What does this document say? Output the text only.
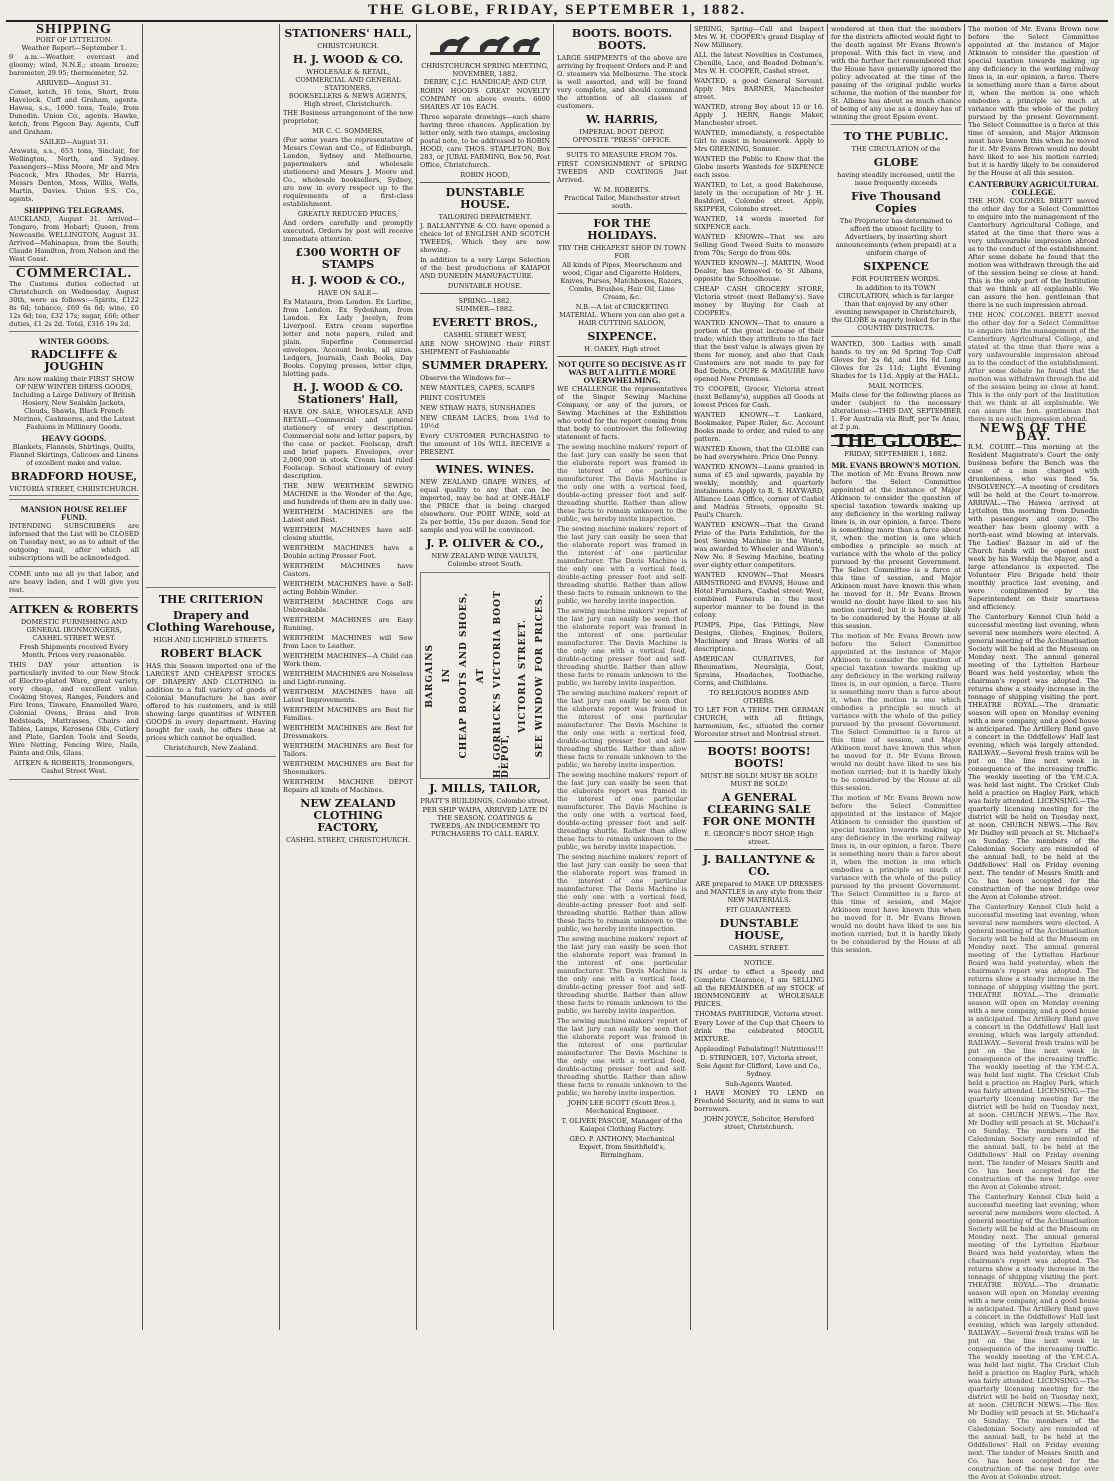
THE GLOBE, FRIDAY, SEPTEMBER 1, 1882.
SHIPPING
PORT OF LYTTELTON.
Weather Report—September 1.

9 a.m.—Weather, overcast and gloomy; wind, N.N.E.; steam breeze; barometer, 29.95; thermometer, 52.

ARRIVED—August 31.

Comet, ketch, 16 tons, Short, from Havelock. Cuff and Graham, agents. Hawea, s.s., 1000 tons, Teale, from Dunedin. Union Co., agents. Hawke, ketch, from Pigeon Bay. Agents, Cuff and Graham.

SAILED—August 31.

Arawata, s.s., 653 tons, Sinclair, for Wellington, North, and Sydney. Passengers—Miss Moore, Mr and Mrs Peacock, Mrs Rhodes, Mr Harris, Messrs Denton, Moss, Willis, Wells, Martin, Davies. Union S.S. Co., agents.

SHIPPING TELEGRAMS.

AUCKLAND, August 31. Arrived—Tongaro, from Hobart; Queen, from Newcastle. WELLINGTON, August 31. Arrived—Mahinapua, from the South; Claude Hamilton, from Nelson and the West Coast.

COMMERCIAL.

The Customs duties collected at Christchurch on Wednesday, August 30th, were as follows:—Spirits, £122 8s 6d; tobacco, £69 6s 6d; wine, £6 12s 6d; tea, £32 17s; sugar, £66; other duties, £1 2s 2d. Total, £316 19s 2d.

WINTER GOODS.
RADCLIFFE & JOUGHIN

Are now making their FIRST SHOW OF NEW WINTER DRESS GOODS, Including a Large Delivery of British Hosiery, New Sealskin Jackets, Clouds, Shawls, Black French Merinos, Cashmeres, and the Latest Fashions in Millinery Goods.

HEAVY GOODS.

Blankets, Flannels, Shirtings, Quilts, Flannel Skirtings, Calicoes and Linens of excellent make and value.

BRADFORD HOUSE,
VICTORIA STREET, CHRISTCHURCH.
MANSION HOUSE RELIEF FUND.

INTENDING SUBSCRIBERS are informed that the List will be CLOSED on Tuesday next, so as to admit of the outgoing mail, after which all subscriptions will be acknowledged.

COME unto me all ye that labor, and are heavy laden, and I will give you rest.

AITKEN & ROBERTS
DOMESTIC FURNISHING AND GENERAL IRONMONGERS,
CASHEL STREET WEST.

Fresh Shipments received Every Month. Prices very reasonable.

THIS DAY your attention is particularly invited to our New Stock of Electro-plated Ware, great variety, very cheap, and excellent value. Cooking Stoves, Ranges, Fenders and Fire Irons, Tinware, Enamelled Ware, Colonial Ovens, Brass and Iron Bedsteads, Mattrasses, Chairs and Tables, Lamps, Kerosene Oils, Cutlery and Plate, Garden Tools and Seeds, Wire Netting, Fencing Wire, Nails, Paints and Oils, Glass.

AITKEN & ROBERTS, Ironmongers, Cashel Street West.

THE CRITERION
Drapery and Clothing Warehouse,
HIGH AND LICHFIELD STREETS.
ROBERT BLACK

HAS this Season imported one of the LARGEST AND CHEAPEST STOCKS OF DRAPERY AND CLOTHING in addition to a full variety of goods of Colonial Manufacture he has ever offered to his customers, and is still showing large quantities of WINTER GOODS in every department. Having bought for cash, he offers these at prices which cannot be equalled.

Christchurch, New Zealand.

STATIONERS' HALL,
CHRISTCHURCH.
H. J. WOOD & CO.
WHOLESALE & RETAIL, COMMERCIAL AND GENERAL STATIONERS,
BOOKSELLERS & NEWS AGENTS,
High street, Christchurch.

THE Business arrangement of the new proprietor,

MR C. C. SOMMERS,

(For some years the representative of Messrs Cowan and Co., of Edinburgh, London, Sydney and Melbourne, papermakers and wholesale stationers) and Messrs J. Moore and Co., wholesale booksellers, Sydney, are now in every respect up to the requirements of a first-class establishment.

GREATLY REDUCED PRICES,

And orders carefully and promptly executed. Orders by post will receive immediate attention.

£300 WORTH OF STAMPS
H. J. WOOD & CO.,
HAVE ON SALE—

Ex Mataura, from London. Ex Lurline, from London. Ex Sydenham, from London. Ex Lady Jocelyn, from Liverpool. Extra cream superfine letter and note papers, ruled and plain. Superfine Commercial envelopes. Account books, all sizes. Ledgers, Journals, Cash Books, Day Books. Copying presses, letter clips, blotting pads.

H. J. WOOD & CO. Stationers' Hall,

HAVE ON SALE, WHOLESALE AND RETAIL—Commercial and general stationery of every description. Commercial note and letter papers, by the case or packet. Foolscap, draft and brief papers. Envelopes, over 2,000,000 in stock. Cream laid ruled Foolscap. School stationery of every description.

THE NEW WERTHEIM SEWING MACHINE is the Wonder of the Age, and hundreds of them are in daily use.

WERTHEIM MACHINES are the Latest and Best.

WERTHEIM MACHINES have self-closing shuttle.

WERTHEIM MACHINES have a Double acting Presser Foot.

WERTHEIM MACHINES have Castors.

WERTHEIM MACHINES have a Self-acting Bobbin Winder.

WERTHEIM MACHINE Cogs are Unbreakable.

WERTHEIM MACHINES are Easy Running.

WERTHEIM MACHINES will Sew from Lace to Leather.

WERTHEIM MACHINES—A Child can Work them.

WERTHEIM MACHINES are Noiseless and Light-running.

WERTHEIM MACHINES have all Latest Improvements.

WERTHEIM MACHINES are Best for Families.

WERTHEIM MACHINES are Best for Dressmakers.

WERTHEIM MACHINES are Best for Tailors.

WERTHEIM MACHINES are Best for Shoemakers.

WERTHEIM MACHINE DEPOT Repairs all kinds of Machines.

NEW ZEALAND CLOTHING FACTORY,
CASHEL STREET, CHRISTCHURCH.
CHRISTCHURCH SPRING MEETING, NOVEMBER, 1882.
DERBY, C.J.C. HANDICAP, AND CUP.

ROBIN HOOD'S GREAT NOVELTY COMPANY on above events. 6000 SHARES AT 10s EACH.

Three separate drawings—each share having three chances. Application by letter only, with two stamps, enclosing postal note, to be addressed to ROBIN HOOD, care THOS. STAPLETON, Box 283, or JUBAL FARMING, Box 56, Post Office, Christchurch.

ROBIN HOOD,
DUNSTABLE HOUSE.
TAILORING DEPARTMENT.

J. BALLANTYNE & CO. have opened a choice lot of ENGLISH AND SCOTCH TWEEDS, Which they are now showing.

In addition to a very Large Selection of the best productions of KAIAPOI AND DUNEDIN MANUFACTURE.

DUNSTABLE HOUSE.
SPRING—1882.
SUMMER—1882.
EVERETT BROS.,
CASHEL STREET WEST,

ARE NOW SHOWING their FIRST SHIPMENT of Fashionable

SUMMER DRAPERY.

Observe the Windows for—

NEW MANTLES, CAPES, SCARFS

PRINT COSTUMES

NEW STRAW HATS, SUNSHADES

NEW CREAM LACES, from 1½d to 10½d

Every CUSTOMER PURCHASING to the amount of 10s WILL RECEIVE a PRESENT.

WINES. WINES.

NEW ZEALAND GRAPE WINES, of equal quality to any that can be imported, may be had at ONE-HALF the PRICE that is being charged elsewhere. Our PORT WINE, sold at 2s per bottle, 15s per dozen. Send for sample and you will be convinced.

J. P. OLIVER & CO.,
NEW ZEALAND WINE VAULTS,
Colombo street South.
BARGAINS IN CHEAP BOOTS AND SHOES, AT H. GORRICK'S VICTORIA BOOT DEPOT,
VICTORIA STREET. SEE WINDOW FOR PRICES.
J. MILLS, TAILOR,
PRATT'S BUILDINGS, Colombo street.

PER SHIP WAIPA, ARRIVED LATE IN THE SEASON. COATINGS & TWEEDS, AN INDUCEMENT TO PURCHASERS TO CALL EARLY.

BOOTS. BOOTS. BOOTS.

LARGE SHIPMENTS of the above are arriving by frequent Orders and P. and O. steamers via Melbourne. The stock is well assorted, and will be found very complete, and should command the attention of all classes of customers.

W. HARRIS,
IMPERIAL BOOT DEPOT.
OPPOSITE "PRESS" OFFICE.
SUITS TO MEASURE FROM 70s.

FIRST CONSIGNMENT of SPRING TWEEDS AND COATINGS Just Arrived.

W. M. ROBERTS.
Practical Tailor, Manchester street south.
FOR THE HOLIDAYS.
TRY THE CHEAPEST SHOP IN TOWN FOR

All kinds of Pipes, Meerschaum and wood, Cigar and Cigarette Holders, Knives, Purses, Matchboxes, Razors, Combs, Brushes, Hair Oil, Lime Cream, &c.

N.B.—A lot of CRICKETING MATERIAL. Where you can also get a HAIR CUTTING SALOON,

SIXPENCE.
H. OAKEY, High street
NOT QUITE SO DECISIVE AS IT WAS BUT A LITTLE MORE OVERWHELMING.

WE CHALLENGE the representatives of the Singer Sewing Machine Company, or any of the jurors, or Sewing Machines at the Exhibition who voted for the report coming from that body to controvert the following statement of facts.

The sewing machine makers' report of the last jury can easily be seen that the elaborate report was framed in the interest of one particular manufacturer. The Davis Machine is the only one with a vertical feed, double-acting presser foot and self-threading shuttle. Rather than allow these facts to remain unknown to the public, we hereby invite inspection.

The sewing machine makers' report of the last jury can easily be seen that the elaborate report was framed in the interest of one particular manufacturer. The Davis Machine is the only one with a vertical feed, double-acting presser foot and self-threading shuttle. Rather than allow these facts to remain unknown to the public, we hereby invite inspection.

The sewing machine makers' report of the last jury can easily be seen that the elaborate report was framed in the interest of one particular manufacturer. The Davis Machine is the only one with a vertical feed, double-acting presser foot and self-threading shuttle. Rather than allow these facts to remain unknown to the public, we hereby invite inspection.

The sewing machine makers' report of the last jury can easily be seen that the elaborate report was framed in the interest of one particular manufacturer. The Davis Machine is the only one with a vertical feed, double-acting presser foot and self-threading shuttle. Rather than allow these facts to remain unknown to the public, we hereby invite inspection.

The sewing machine makers' report of the last jury can easily be seen that the elaborate report was framed in the interest of one particular manufacturer. The Davis Machine is the only one with a vertical feed, double-acting presser foot and self-threading shuttle. Rather than allow these facts to remain unknown to the public, we hereby invite inspection.

The sewing machine makers' report of the last jury can easily be seen that the elaborate report was framed in the interest of one particular manufacturer. The Davis Machine is the only one with a vertical feed, double-acting presser foot and self-threading shuttle. Rather than allow these facts to remain unknown to the public, we hereby invite inspection.

The sewing machine makers' report of the last jury can easily be seen that the elaborate report was framed in the interest of one particular manufacturer. The Davis Machine is the only one with a vertical feed, double-acting presser foot and self-threading shuttle. Rather than allow these facts to remain unknown to the public, we hereby invite inspection.

The sewing machine makers' report of the last jury can easily be seen that the elaborate report was framed in the interest of one particular manufacturer. The Davis Machine is the only one with a vertical feed, double-acting presser foot and self-threading shuttle. Rather than allow these facts to remain unknown to the public, we hereby invite inspection.

JOHN LEE SCOTT (Scott Bros.), Mechanical Engineer.

T. OLIVER PASCOE, Manager of the Kaiapoi Clothing Factory.

GEO. P. ANTHONY, Mechanical Expert, from Smithfield's, Birmingham.

SPRING, Spring—Call and Inspect Mrs W. H. COOPER's grand Display of New Millinery.

ALL the latest Novelties in Costumes, Chenille, Lace, and Beaded Dolman's. Mrs W. H. COOPER, Cashel street.

WANTED, a good General Servant. Apply Mrs BARNES, Manchester street.

WANTED, strong Boy about 15 or 16. Apply J. HERN, Range Maker, Manchester street.

WANTED, immediately, a respectable Girl to assist in housework. Apply to Mrs GREENING, Sumner.

WANTED the Public to Know that the Globe inserts Wanteds for SIXPENCE each issue.

WANTED, to Let, a good Bakehouse, lately in the occupation of Mr J. H. Bashford, Colombo street. Apply, SKIPPER, Colombo street.

WANTED, 14 words inserted for SIXPENCE each.

WANTED KNOWN—That we are Selling Good Tweed Suits to measure from 70s; Serge do from 60s.

WANTED KNOWN—J. MARTIN, Wood Dealer, has Removed to St Albans, opposite the Schoolhouse.

CHEAP CASH GROCERY STORE, Victoria street (next Bellamy's). Save money by Buying for Cash at COOPER's.

WANTED KNOWN—That to ensure a portion of the great increase of their trade, which they attribute to the fact that the best value is always given by them for money, and also that Cash Customers are not made to pay for Bad Debts, COUPE & MAGUIRE have opened New Premises.

TO COOPER, Grocer, Victoria street (next Bellamy's), supplies all Goods at lowest Prices for Cash.

WANTED KNOWN—T. Lankard, Bookmaker, Paper Ruler, &c. Account Books made to order, and ruled to any pattern.

WANTED Known, that the GLOBE can be had everywhere. Price One Penny.

WANTED KNOWN—Loans granted in sums of £5 and upwards, payable by weekly, monthly, and quarterly instalments. Apply to R. S. HAYWARD, Alliance Loan Office, corner of Cashel and Madras Streets, opposite St. Paul's Church.

WANTED KNOWN—That the Grand Prize of the Paris Exhibition, for the best Sewing Machine in the World, was awarded to Wheeler and Wilson's New No. 8 Sewing Machine, beating over eighty other competitors.

WANTED KNOWN—That Messrs ARMSTRONG and EVANS, House and Hotel Furnishers, Cashel street West, combined Funerals in the most superior manner to be found in the colony.

PUMPS, Pipe, Gas Fittings, New Designs, Globes, Engines, Boilers, Machinery and Brass Works of all descriptions.

AMERICAN CURATIVES, for Rheumatism, Neuralgia, Gout, Sprains, Headaches, Toothache, Corns, and Chilblains.

TO RELIGIOUS BODIES AND OTHERS.

TO LET FOR A TERM. THE GERMAN CHURCH, with all fittings, harmonium, &c., situated the corner Worcester street and Montreal street.

BOOTS! BOOTS! BOOTS!
MUST BE SOLD! MUST BE SOLD! MUST BE SOLD!
A GENERAL CLEARING SALE FOR ONE MONTH
E. GEORGE'S BOOT SHOP, High street.
J. BALLANTYNE & CO.

ARE prepared to MAKE UP DRESSES and MANTLES in any style from their NEW MATERIALS.

FIT GUARANTEED.
DUNSTABLE HOUSE,
CASHEL STREET.
NOTICE.

IN order to effect a Speedy and Complete Clearance, I am SELLING all the REMAINDER of my STOCK of IRONMONGERY at WHOLESALE PRICES.

THOMAS PARTRIDGE, Victoria street.

Every Lover of the Cup that Cheers to drink the celebrated MOGUL MIXTURE.

Applauding! Fabulating!! Nutritious!!!

D. STRINGER, 107, Victoria street, Sole Agent for Clifford, Love and Co., Sydney.

Sub-Agents Wanted.

I HAVE MONEY TO LEND on Freehold Security, and in sums to suit borrowers.

JOHN JOYCE, Solicitor, Hereford street, Christchurch.

wondered at then that the members for the districts affected would fight to the death against Mr Evans Brown's proposal. With this fact in view, and with the further fact remembered that the House have generally ignored the policy advocated at the time of the passing of the original public works scheme, the motion of the member for St. Albans has about as much chance of being of any use as a donkey has of winning the great Epsom event.

TO THE PUBLIC.
THE CIRCULATION of the
GLOBE
having steadily increased, until the issue frequently exceeds
Five Thousand Copies

The Proprietor has determined to afford the utmost facility to Advertisers, by inserting short announcements (when prepaid) at a uniform charge of

SIXPENCE
FOR FOURTEEN WORDS.

In addition to its TOWN CIRCULATION, which is far larger than that enjoyed by any other evening newspaper in Christchurch, the GLOBE is eagerly looked for in the COUNTRY DISTRICTS.

WANTED, 300 Ladies with small hands to try on 9d Spring Top Cuff Gloves for 2s 6d, and 10s 6d Long Gloves for 2s 11d; Light Evening Shades for 1s 11d. Apply at the HALL.

MAIL NOTICES.

Mails close for the following places as under (subject to the necessary alterations):—THIS DAY, SEPTEMBER 1. For Australia via Bluff, per Te Anau, at 2 p.m.

THE GLOBE.
FRIDAY, SEPTEMBER 1, 1882.
MR. EVANS BROWN'S MOTION.

The motion of Mr. Evans Brown now before the Select Committee appointed at the instance of Major Atkinson to consider the question of special taxation towards making up any deficiency in the working railway lines is, in our opinion, a farce. There is something more than a farce about it, when the motion is one which embodies a principle so much at variance with the whole of the policy pursued by the present Government. The Select Committee is a farce at this time of session, and Major Atkinson must have known this when he moved for it. Mr Evans Brown would no doubt have liked to see his motion carried; but it is hardly likely to be considered by the House at all this session.

The motion of Mr. Evans Brown now before the Select Committee appointed at the instance of Major Atkinson to consider the question of special taxation towards making up any deficiency in the working railway lines is, in our opinion, a farce. There is something more than a farce about it, when the motion is one which embodies a principle so much at variance with the whole of the policy pursued by the present Government. The Select Committee is a farce at this time of session, and Major Atkinson must have known this when he moved for it. Mr Evans Brown would no doubt have liked to see his motion carried; but it is hardly likely to be considered by the House at all this session.

The motion of Mr. Evans Brown now before the Select Committee appointed at the instance of Major Atkinson to consider the question of special taxation towards making up any deficiency in the working railway lines is, in our opinion, a farce. There is something more than a farce about it, when the motion is one which embodies a principle so much at variance with the whole of the policy pursued by the present Government. The Select Committee is a farce at this time of session, and Major Atkinson must have known this when he moved for it. Mr Evans Brown would no doubt have liked to see his motion carried; but it is hardly likely to be considered by the House at all this session.

The motion of Mr. Evans Brown now before the Select Committee appointed at the instance of Major Atkinson to consider the question of special taxation towards making up any deficiency in the working railway lines is, in our opinion, a farce. There is something more than a farce about it, when the motion is one which embodies a principle so much at variance with the whole of the policy pursued by the present Government. The Select Committee is a farce at this time of session, and Major Atkinson must have known this when he moved for it. Mr Evans Brown would no doubt have liked to see his motion carried; but it is hardly likely to be considered by the House at all this session.

CANTERBURY AGRICULTURAL COLLEGE.

THE HON. COLONEL BRETT moved the other day for a Select Committee to enquire into the management of the Canterbury Agricultural College, and stated at the time that there was a very unfavourable impression abroad as to the conduct of the establishment. After some debate he found that the motion was withdrawn through the aid of the session being so close at hand. This is the only part of the Institution that we think at all explainable. We can assure the hon. gentleman that there is no such impression abroad.

THE HON. COLONEL BRETT moved the other day for a Select Committee to enquire into the management of the Canterbury Agricultural College, and stated at the time that there was a very unfavourable impression abroad as to the conduct of the establishment. After some debate he found that the motion was withdrawn through the aid of the session being so close at hand. This is the only part of the Institution that we think at all explainable. We can assure the hon. gentleman that there is no such impression abroad.

NEWS OF THE DAY.

R.M. COURT.—This morning at the Resident Magistrate's Court the only business before the Bench was the case of a man charged with drunkenness, who was fined 5s. INSOLVENCY.—A meeting of creditors will be held at the Court to-morrow. ARRIVAL.—The Hawea arrived at Lyttelton this morning from Dunedin with passengers and cargo. The weather has been gloomy with a north-east wind blowing at intervals. The Ladies' Bazaar in aid of the Church funds will be opened next week by his Worship the Mayor, and a large attendance is expected. The Volunteer Fire Brigade held their monthly practice last evening, and were complimented by the Superintendent on their smartness and efficiency.

The Canterbury Kennel Club held a successful meeting last evening, when several new members were elected. A general meeting of the Acclimatisation Society will be held at the Museum on Monday next. The annual general meeting of the Lyttelton Harbour Board was held yesterday, when the chairman's report was adopted. The returns show a steady increase in the tonnage of shipping visiting the port. THEATRE ROYAL.—The dramatic season will open on Monday evening with a new company, and a good house is anticipated. The Artillery Band gave a concert in the Oddfellows' Hall last evening, which was largely attended. RAILWAY.—Several fresh trains will be put on the line next week in consequence of the increasing traffic. The weekly meeting of the Y.M.C.A. was held last night. The Cricket Club held a practice on Hagley Park, which was fairly attended. LICENSING.—The quarterly licensing meeting for the district will be held on Tuesday next, at noon. CHURCH NEWS.—The Rev. Mr Dudley will preach at St. Michael's on Sunday. The members of the Caledonian Society are reminded of the annual ball, to be held at the Oddfellows' Hall on Friday evening next. The tender of Messrs Smith and Co. has been accepted for the construction of the new bridge over the Avon at Colombo street.

The Canterbury Kennel Club held a successful meeting last evening, when several new members were elected. A general meeting of the Acclimatisation Society will be held at the Museum on Monday next. The annual general meeting of the Lyttelton Harbour Board was held yesterday, when the chairman's report was adopted. The returns show a steady increase in the tonnage of shipping visiting the port. THEATRE ROYAL.—The dramatic season will open on Monday evening with a new company, and a good house is anticipated. The Artillery Band gave a concert in the Oddfellows' Hall last evening, which was largely attended. RAILWAY.—Several fresh trains will be put on the line next week in consequence of the increasing traffic. The weekly meeting of the Y.M.C.A. was held last night. The Cricket Club held a practice on Hagley Park, which was fairly attended. LICENSING.—The quarterly licensing meeting for the district will be held on Tuesday next, at noon. CHURCH NEWS.—The Rev. Mr Dudley will preach at St. Michael's on Sunday. The members of the Caledonian Society are reminded of the annual ball, to be held at the Oddfellows' Hall on Friday evening next. The tender of Messrs Smith and Co. has been accepted for the construction of the new bridge over the Avon at Colombo street.

The Canterbury Kennel Club held a successful meeting last evening, when several new members were elected. A general meeting of the Acclimatisation Society will be held at the Museum on Monday next. The annual general meeting of the Lyttelton Harbour Board was held yesterday, when the chairman's report was adopted. The returns show a steady increase in the tonnage of shipping visiting the port. THEATRE ROYAL.—The dramatic season will open on Monday evening with a new company, and a good house is anticipated. The Artillery Band gave a concert in the Oddfellows' Hall last evening, which was largely attended. RAILWAY.—Several fresh trains will be put on the line next week in consequence of the increasing traffic. The weekly meeting of the Y.M.C.A. was held last night. The Cricket Club held a practice on Hagley Park, which was fairly attended. LICENSING.—The quarterly licensing meeting for the district will be held on Tuesday next, at noon. CHURCH NEWS.—The Rev. Mr Dudley will preach at St. Michael's on Sunday. The members of the Caledonian Society are reminded of the annual ball, to be held at the Oddfellows' Hall on Friday evening next. The tender of Messrs Smith and Co. has been accepted for the construction of the new bridge over the Avon at Colombo street.
